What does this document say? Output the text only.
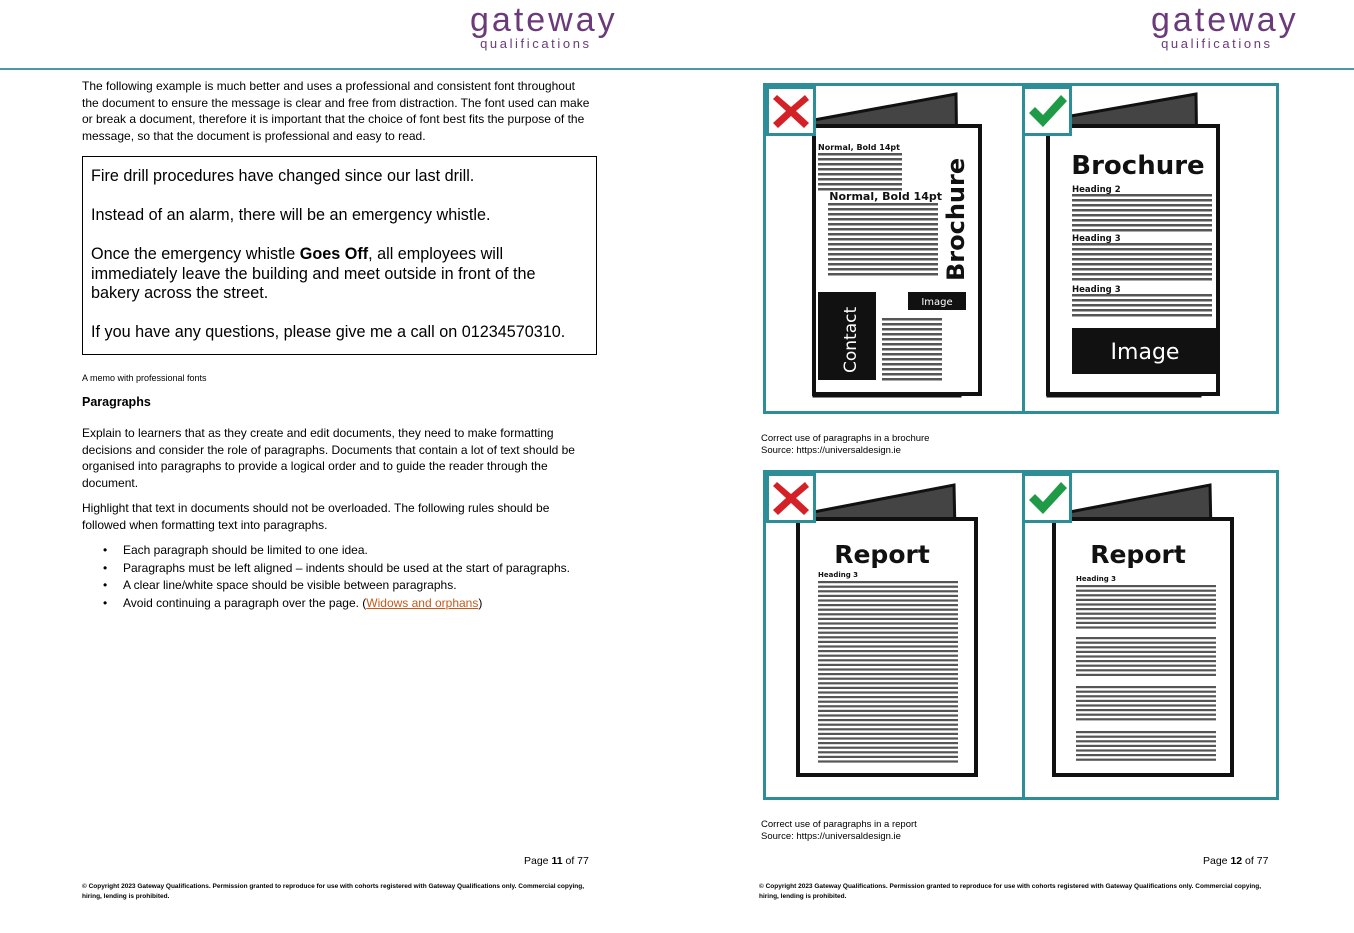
gateway
qualifications
The following example is much better and uses a professional and consistent font throughout the document to ensure the message is clear and free from distraction. The font used can make or break a document, therefore it is important that the choice of font best fits the purpose of the message, so that the document is professional and easy to read.

Fire drill procedures have changed since our last drill.

Instead of an alarm, there will be an emergency whistle.

Once the emergency whistle Goes Off, all employees will immediately leave the building and meet outside in front of the bakery across the street.

If you have any questions, please give me a call on 01234570310.

A memo with professional fonts
Paragraphs
Explain to learners that as they create and edit documents, they need to make formatting decisions and consider the role of paragraphs. Documents that contain a lot of text should be organised into paragraphs to provide a logical order and to guide the reader through the document.
Highlight that text in documents should not be overloaded. The following rules should be followed when formatting text into paragraphs.
• Each paragraph should be limited to one idea.
• Paragraphs must be left aligned – indents should be used at the start of paragraphs.
• A clear line/white space should be visible between paragraphs.
• Avoid continuing a paragraph over the page. (Widows and orphans)
Page 11 of 77
© Copyright 2023 Gateway Qualifications. Permission granted to reproduce for use with cohorts registered with Gateway Qualifications only. Commercial copying, hiring, lending is prohibited.
gateway
qualifications
Normal, Bold 14pt
Normal, Bold 14pt Brochure
Contact
Image
Brochure
Heading 2
Heading 3
Heading 3
Image
Correct use of paragraphs in a brochure
Source: https://universaldesign.ie
Report
Heading 3
Report
Heading 3
Correct use of paragraphs in a report
Source: https://universaldesign.ie
Page 12 of 77
© Copyright 2023 Gateway Qualifications. Permission granted to reproduce for use with cohorts registered with Gateway Qualifications only. Commercial copying, hiring, lending is prohibited.
